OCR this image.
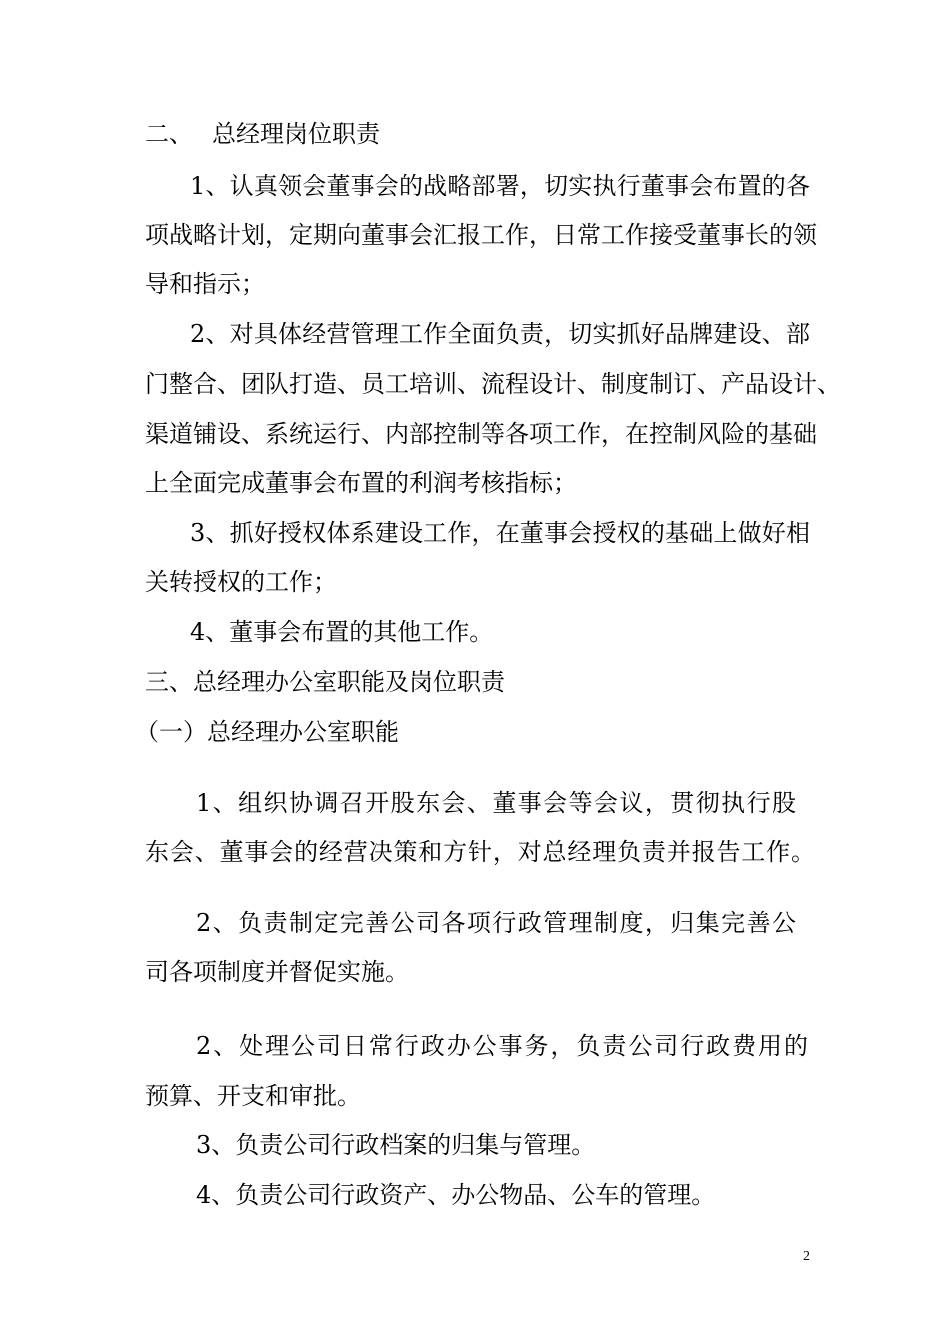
二、 总经理岗位职责
1、认真领会董事会的战略部署，切实执行董事会布置的各
项战略计划，定期向董事会汇报工作，日常工作接受董事长的领
导和指示；
2、对具体经营管理工作全面负责，切实抓好品牌建设、部
门整合、团队打造、员工培训、流程设计、制度制订、产品设计、
渠道铺设、系统运行、内部控制等各项工作，在控制风险的基础
上全面完成董事会布置的利润考核指标；
3、抓好授权体系建设工作，在董事会授权的基础上做好相
关转授权的工作；
4、董事会布置的其他工作。
三、总经理办公室职能及岗位职责
（一）总经理办公室职能
1、组织协调召开股东会、董事会等会议，贯彻执行股
东会、董事会的经营决策和方针，对总经理负责并报告工作。
2、负责制定完善公司各项行政管理制度，归集完善公
司各项制度并督促实施。
2、处理公司日常行政办公事务，负责公司行政费用的
预算、开支和审批。
3、负责公司行政档案的归集与管理。
4、负责公司行政资产、办公物品、公车的管理。
2
